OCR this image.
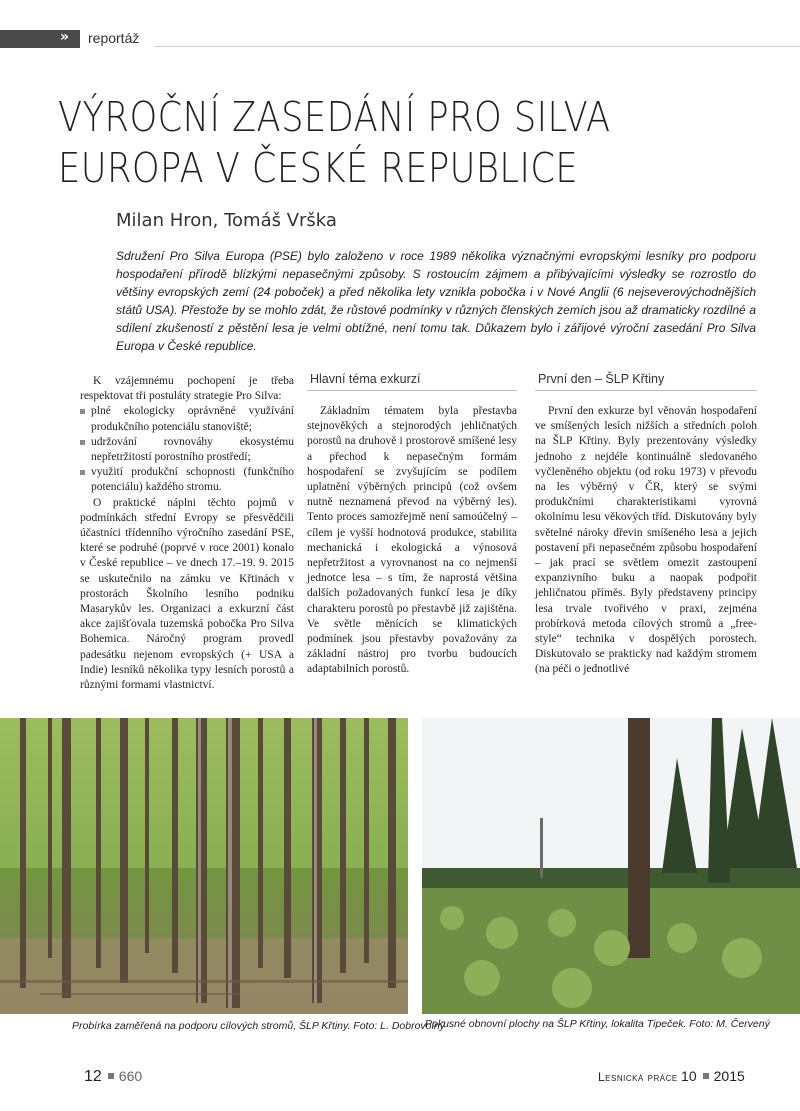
» reportáž
VÝROČNÍ ZASEDÁNÍ PRO SILVA
EUROPA V ČESKÉ REPUBLICE
Milan Hron, Tomáš Vrška
Sdružení Pro Silva Europa (PSE) bylo založeno v roce 1989 několika význačnými evropskými lesníky pro podporu hospodaření přírodě blízkými nepasečnými způsoby. S rostoucím zájmem a přibývajícími výsledky se rozrostlo do většiny evropských zemí (24 poboček) a před několika lety vznikla pobočka i v Nové Anglii (6 nejseverovýchodnějších států USA). Přestože by se mohlo zdát, že růstové podmínky v různých členských zemích jsou až dramaticky rozdílné a sdílení zkušeností z pěstění lesa je velmi obtížné, není tomu tak. Důkazem bylo i zářijové výroční zasedání Pro Silva Europa v České republice.

K vzájemnému pochopení je třeba respektovat tři postuláty strategie Pro Silva:

plné ekologicky oprávněné využívání produkčního potenciálu stanoviště;
udržování rovnováhy ekosystému nepřetržitostí porostního prostředí;
využití produkční schopnosti (funkčního potenciálu) každého stromu.

O praktické náplni těchto pojmů v podmínkách střední Evropy se přesvědčili účastníci třídenního výročního zasedání PSE, které se podruhé (poprvé v roce 2001) konalo v České republice – ve dnech 17.–19. 9. 2015 se uskutečnilo na zámku ve Křtinách v prostorách Školního lesního podniku Masarykův les. Organizaci a exkurzní část akce zajišťovala tuzemská pobočka Pro Silva Bohemica. Náročný program provedl padesátku nejenom evropských (+ USA a Indie) lesníků několika typy lesních porostů a různými formami vlastnictví.

Hlavní téma exkurzí

Základním tématem byla přestavba stejnověkých a stejnorodých jehličnatých porostů na druhově i prostorově smíšené lesy a přechod k nepasečným formám hospodaření se zvyšujícím se podílem uplatnění výběrných principů (což ovšem nutně neznamená převod na výběrný les). Tento proces samozřejmě není samoúčelný – cílem je vyšší hodnotová produkce, stabilita mechanická i ekologická a výnosová nepřetržitost a vyrovnanost na co nejmenší jednotce lesa – s tím, že naprostá většina dalších požadovaných funkcí lesa je díky charakteru porostů po přestavbě již zajištěna. Ve světle měnících se klimatických podmínek jsou přestavby považovány za základní nástroj pro tvorbu budoucích adaptabilních porostů.

První den – ŠLP Křtiny

První den exkurze byl věnován hospodaření ve smíšených lesích nižších a středních poloh na ŠLP Křtiny. Byly prezentovány výsledky jednoho z nejdéle kontinuálně sledovaného vyčleněného objektu (od roku 1973) v převodu na les výběrný v ČR, který se svými produkčními charakteristikami vyrovná okolnímu lesu věkových tříd. Diskutovány byly světelné nároky dřevin smíšeného lesa a jejich postavení při nepasečném způsobu hospodaření – jak prací se světlem omezit zastoupení expanzivního buku a naopak podpořit jehličnatou příměs. Byly představeny principy lesa trvale tvořivého v praxi, zejména probírková metoda cílových stromů a „free-style“ technika v dospělých porostech. Diskutovalo se prakticky nad každým stromem (na péči o jednotlivé

Probírka zaměřená na podporu cílových stromů, ŠLP Křtiny. Foto: L. Dobrovolný
Pokusné obnovní plochy na ŠLP Křtiny, lokalita Tipeček. Foto: M. Červený
12 660	Lesnická práce 10 2015
